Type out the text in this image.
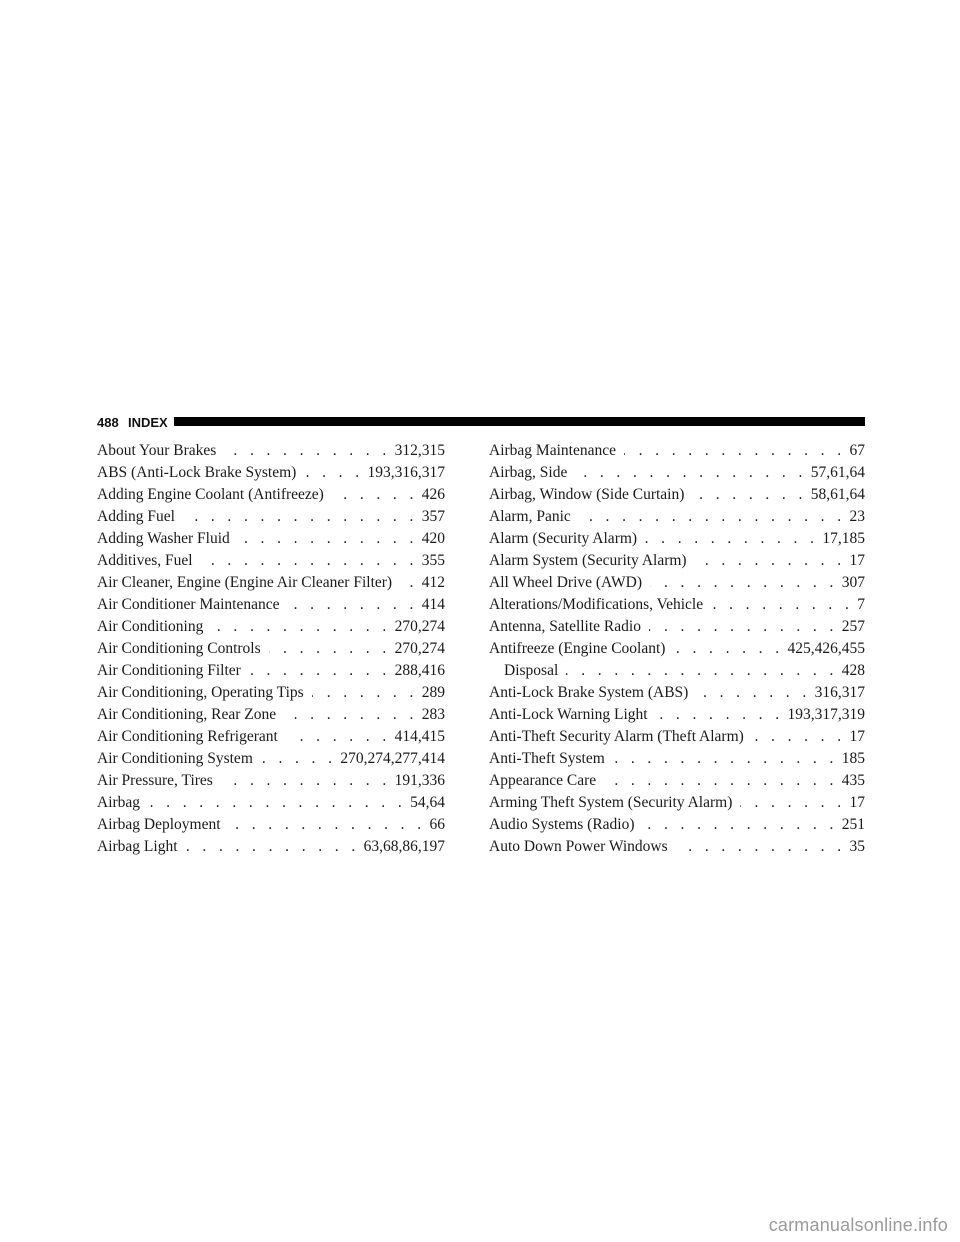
488 INDEX
About Your Brakes . . .	312,315
ABS (Anti-Lock Brake System) . . .	193,316,317
Adding Engine Coolant (Antifreeze) . . .	426
Adding Fuel . . .	357
Adding Washer Fluid . . .	420
Additives, Fuel . . .	355
Air Cleaner, Engine (Engine Air Cleaner Filter) . . . 412
Air Conditioner Maintenance . . .	414
Air Conditioning . . .	270,274
Air Conditioning Controls . . .	270,274
Air Conditioning Filter . . .	288,416
Air Conditioning, Operating Tips . . .	289
Air Conditioning, Rear Zone . . .	283
Air Conditioning Refrigerant . . .	414,415
Air Conditioning System . . .	270,274,277,414
Air Pressure, Tires . . .	191,336
Airbag . . .	54,64
Airbag Deployment . . .	66
Airbag Light . . .	63,68,86,197
Airbag Maintenance . . .	67
Airbag, Side . . .	57,61,64
Airbag, Window (Side Curtain) . . .	58,61,64
Alarm, Panic . . .	23
Alarm (Security Alarm) . . .	17,185
Alarm System (Security Alarm) . . .	17
All Wheel Drive (AWD) . . .	307
Alterations/Modifications, Vehicle . . .	7
Antenna, Satellite Radio . . .	257
Antifreeze (Engine Coolant) . . .	425,426,455
Disposal . . .	428
Anti-Lock Brake System (ABS) . . .	316,317
Anti-Lock Warning Light . . .	193,317,319
Anti-Theft Security Alarm (Theft Alarm) . . .	17
Anti-Theft System . . .	185
Appearance Care . . .	435
Arming Theft System (Security Alarm) . . .	17
Audio Systems (Radio) . . .	251
Auto Down Power Windows . . .	35
carmanualsonline.info
